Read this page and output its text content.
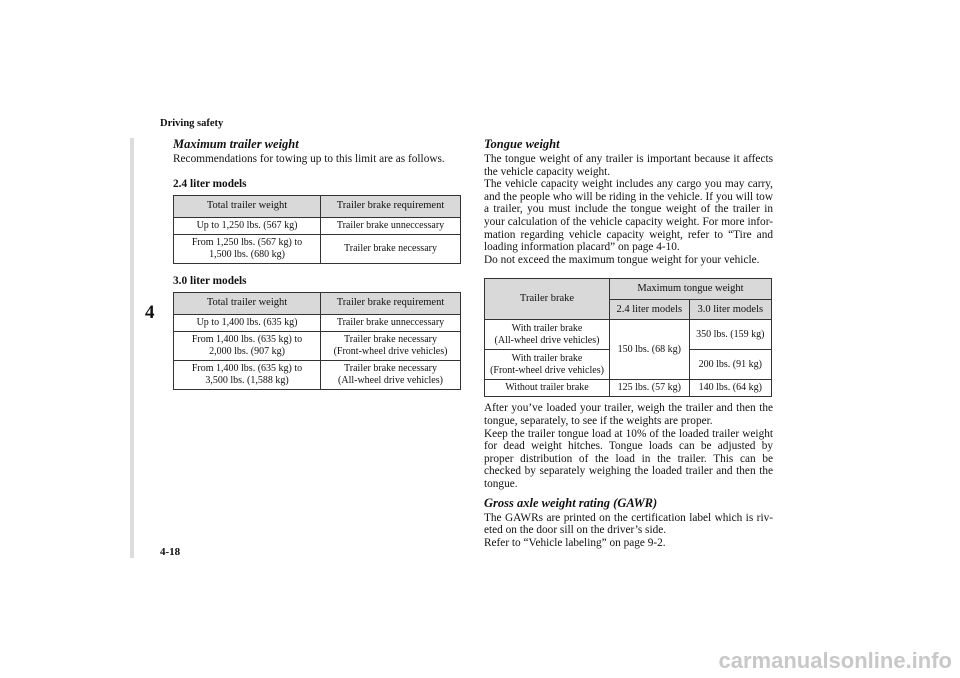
Driving safety
4
Maximum trailer weight

Recommendations for towing up to this limit are as follows.

2.4 liter models
Total trailer weight	Trailer brake requirement
Up to 1,250 lbs. (567 kg)	Trailer brake unneccessary
From 1,250 lbs. (567 kg) to
1,500 lbs. (680 kg)	Trailer brake necessary
3.0 liter models
Total trailer weight	Trailer brake requirement
Up to 1,400 lbs. (635 kg)	Trailer brake unneccessary
From 1,400 lbs. (635 kg) to
2,000 lbs. (907 kg)	Trailer brake necessary
(Front-wheel drive vehicles)
From 1,400 lbs. (635 kg) to
3,500 lbs. (1,588 kg)	Trailer brake necessary
(All-wheel drive vehicles)
Tongue weight

The tongue weight of any trailer is important because it affects the vehicle capacity weight.

The vehicle capacity weight includes any cargo you may carry, and the people who will be riding in the vehicle. If you will tow a trailer, you must include the tongue weight of the trailer in your calculation of the vehicle capacity weight. For more infor-mation regarding vehicle capacity weight, refer to “Tire and loading information placard” on page 4-10.

Do not exceed the maximum tongue weight for your vehicle.

Trailer brake	Maximum tongue weight	
	2.4 liter models	3.0 liter models
With trailer brake
(All-wheel drive vehicles)	150 lbs. (68 kg)	350 lbs. (159 kg)
With trailer brake
(Front-wheel drive vehicles)		200 lbs. (91 kg)
Without trailer brake	125 lbs. (57 kg)	140 lbs. (64 kg)

After you’ve loaded your trailer, weigh the trailer and then the tongue, separately, to see if the weights are proper.

Keep the trailer tongue load at 10% of the loaded trailer weight for dead weight hitches. Tongue loads can be adjusted by proper distribution of the load in the trailer. This can be checked by separately weighing the loaded trailer and then the tongue.

Gross axle weight rating (GAWR)

The GAWRs are printed on the certification label which is riv-eted on the door sill on the driver’s side.

Refer to “Vehicle labeling” on page 9-2.

4-18
carmanualsonline.info
